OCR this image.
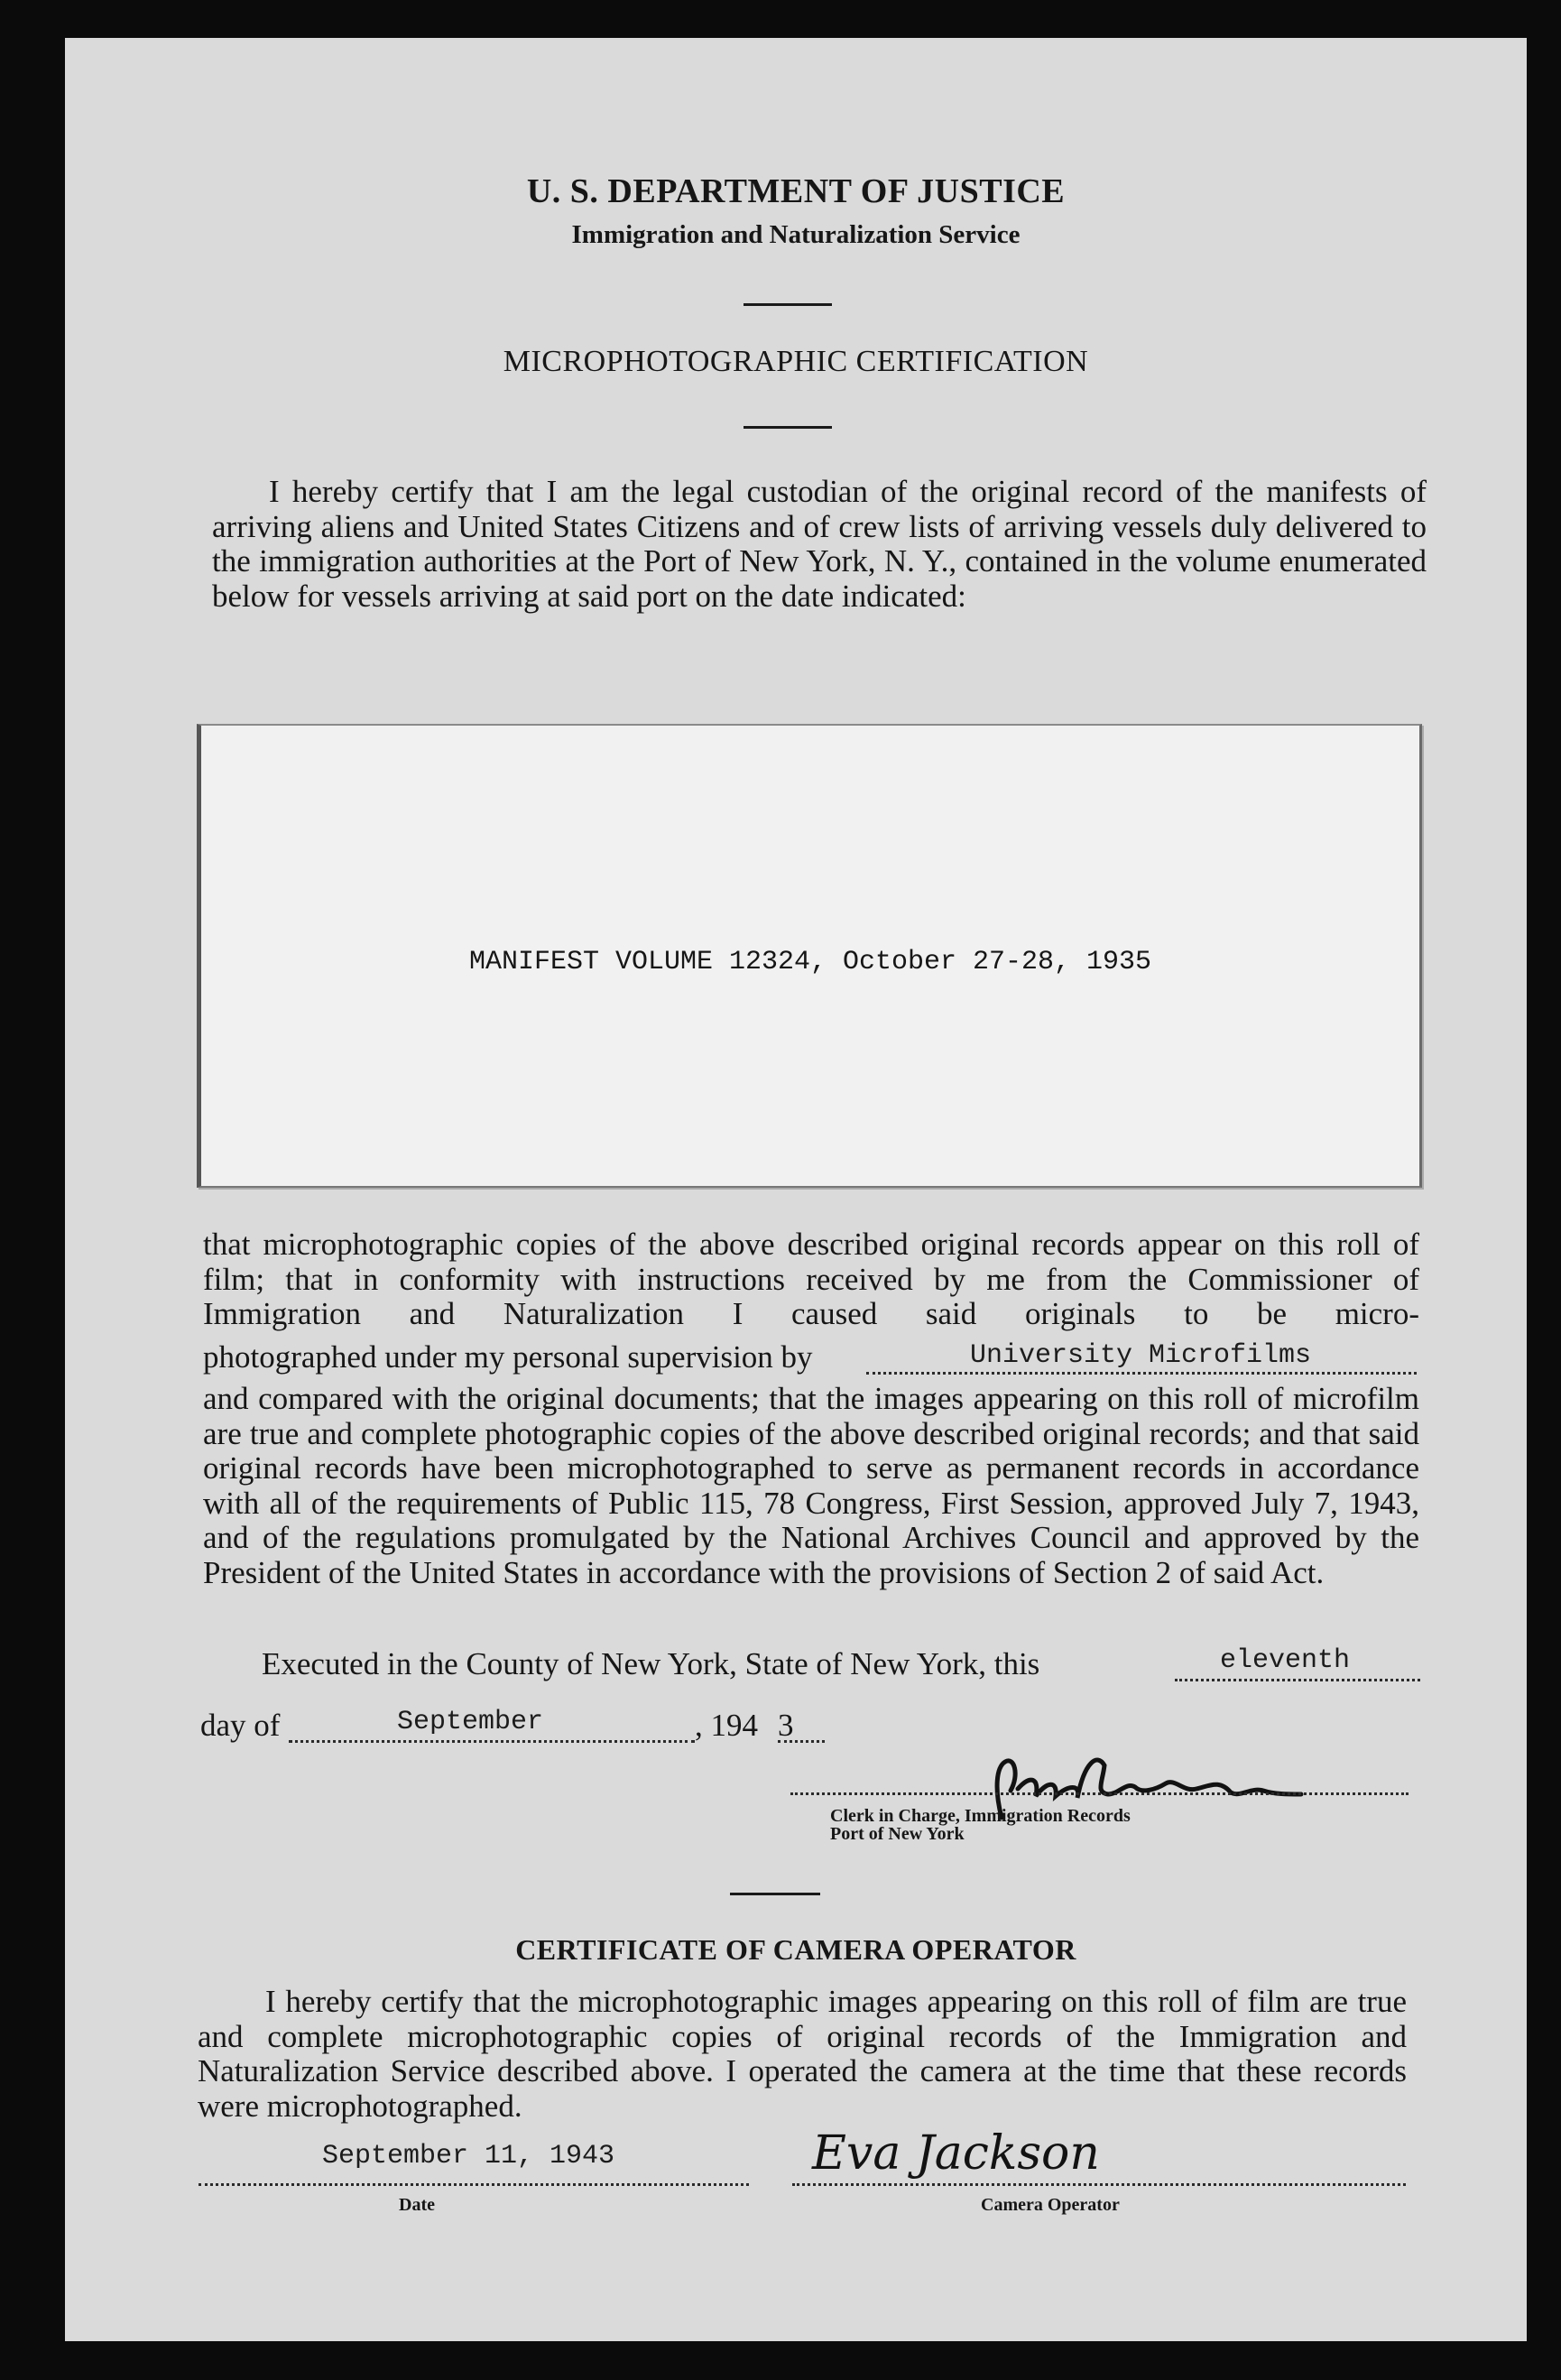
U. S. DEPARTMENT OF JUSTICE
Immigration and Naturalization Service
MICROPHOTOGRAPHIC CERTIFICATION
I hereby certify that I am the legal custodian of the original record of the manifests of arriving aliens and United States Citizens and of crew lists of arriving vessels duly delivered to the immigration authorities at the Port of New York, N. Y., contained in the volume enumerated below for vessels arriving at said port on the date indicated:
MANIFEST VOLUME 12324, October 27-28, 1935
that microphotographic copies of the above described original records appear on this roll of film; that in conformity with instructions received by me from the Commissioner of Immigration and Naturalization I caused said originals to be micro-
photographed under my personal supervision by	University Microfilms
and compared with the original documents; that the images appearing on this roll of microfilm are true and complete photographic copies of the above described original records; and that said original records have been microphotographed to serve as permanent records in accordance with all of the requirements of Public 115, 78 Congress, First Session, approved July 7, 1943, and of the regulations promulgated by the National Archives Council and approved by the President of the United States in accordance with the provisions of Section 2 of said Act.
Executed in the County of New York, State of New York, this	eleventh
day of	September	, 194 3
Clerk in Charge, Immigration Records
Port of New York
CERTIFICATE OF CAMERA OPERATOR
I hereby certify that the microphotographic images appearing on this roll of film are true and complete microphotographic copies of original records of the Immigration and Naturalization Service described above. I operated the camera at the time that these records were microphotographed.
September 11, 1943
Date
Eva Jackson
Camera Operator
